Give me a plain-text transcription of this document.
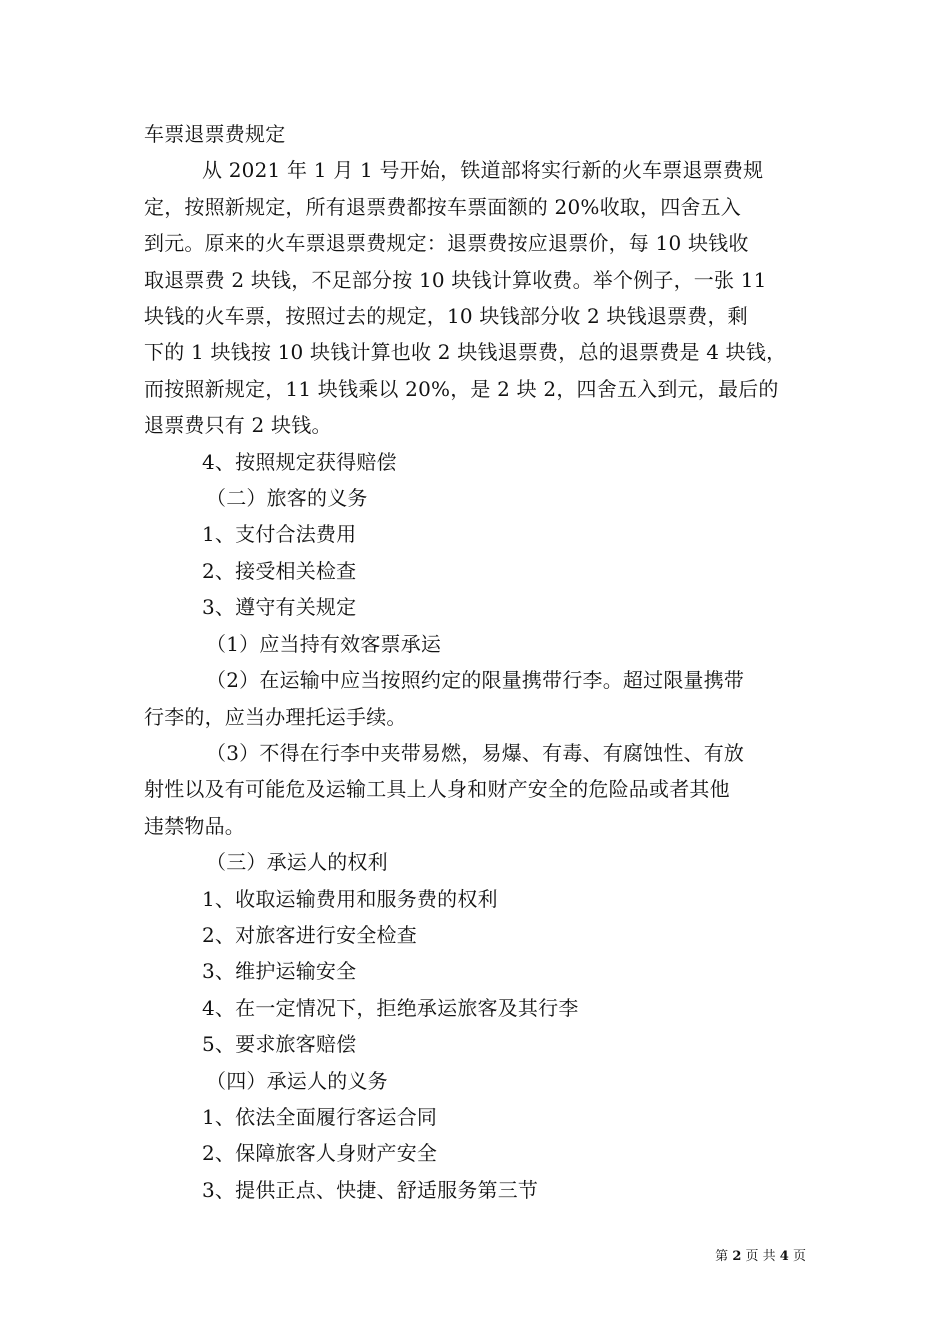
车票退票费规定
从 2021 年 1 月 1 号开始，铁道部将实行新的火车票退票费规
定，按照新规定，所有退票费都按车票面额的 20%收取，四舍五入
到元。原来的火车票退票费规定：退票费按应退票价，每 10 块钱收
取退票费 2 块钱，不足部分按 10 块钱计算收费。举个例子，一张 11
块钱的火车票，按照过去的规定，10 块钱部分收 2 块钱退票费，剩
下的 1 块钱按 10 块钱计算也收 2 块钱退票费，总的退票费是 4 块钱，
而按照新规定，11 块钱乘以 20%，是 2 块 2，四舍五入到元，最后的
退票费只有 2 块钱。
4、按照规定获得赔偿
（二）旅客的义务
1、支付合法费用
2、接受相关检查
3、遵守有关规定
（1）应当持有效客票承运
（2）在运输中应当按照约定的限量携带行李。超过限量携带
行李的，应当办理托运手续。
（3）不得在行李中夹带易燃，易爆、有毒、有腐蚀性、有放
射性以及有可能危及运输工具上人身和财产安全的危险品或者其他
违禁物品。
（三）承运人的权利
1、收取运输费用和服务费的权利
2、对旅客进行安全检查
3、维护运输安全
4、在一定情况下，拒绝承运旅客及其行李
5、要求旅客赔偿
（四）承运人的义务
1、依法全面履行客运合同
2、保障旅客人身财产安全
3、提供正点、快捷、舒适服务第三节
第 2 页 共 4 页
